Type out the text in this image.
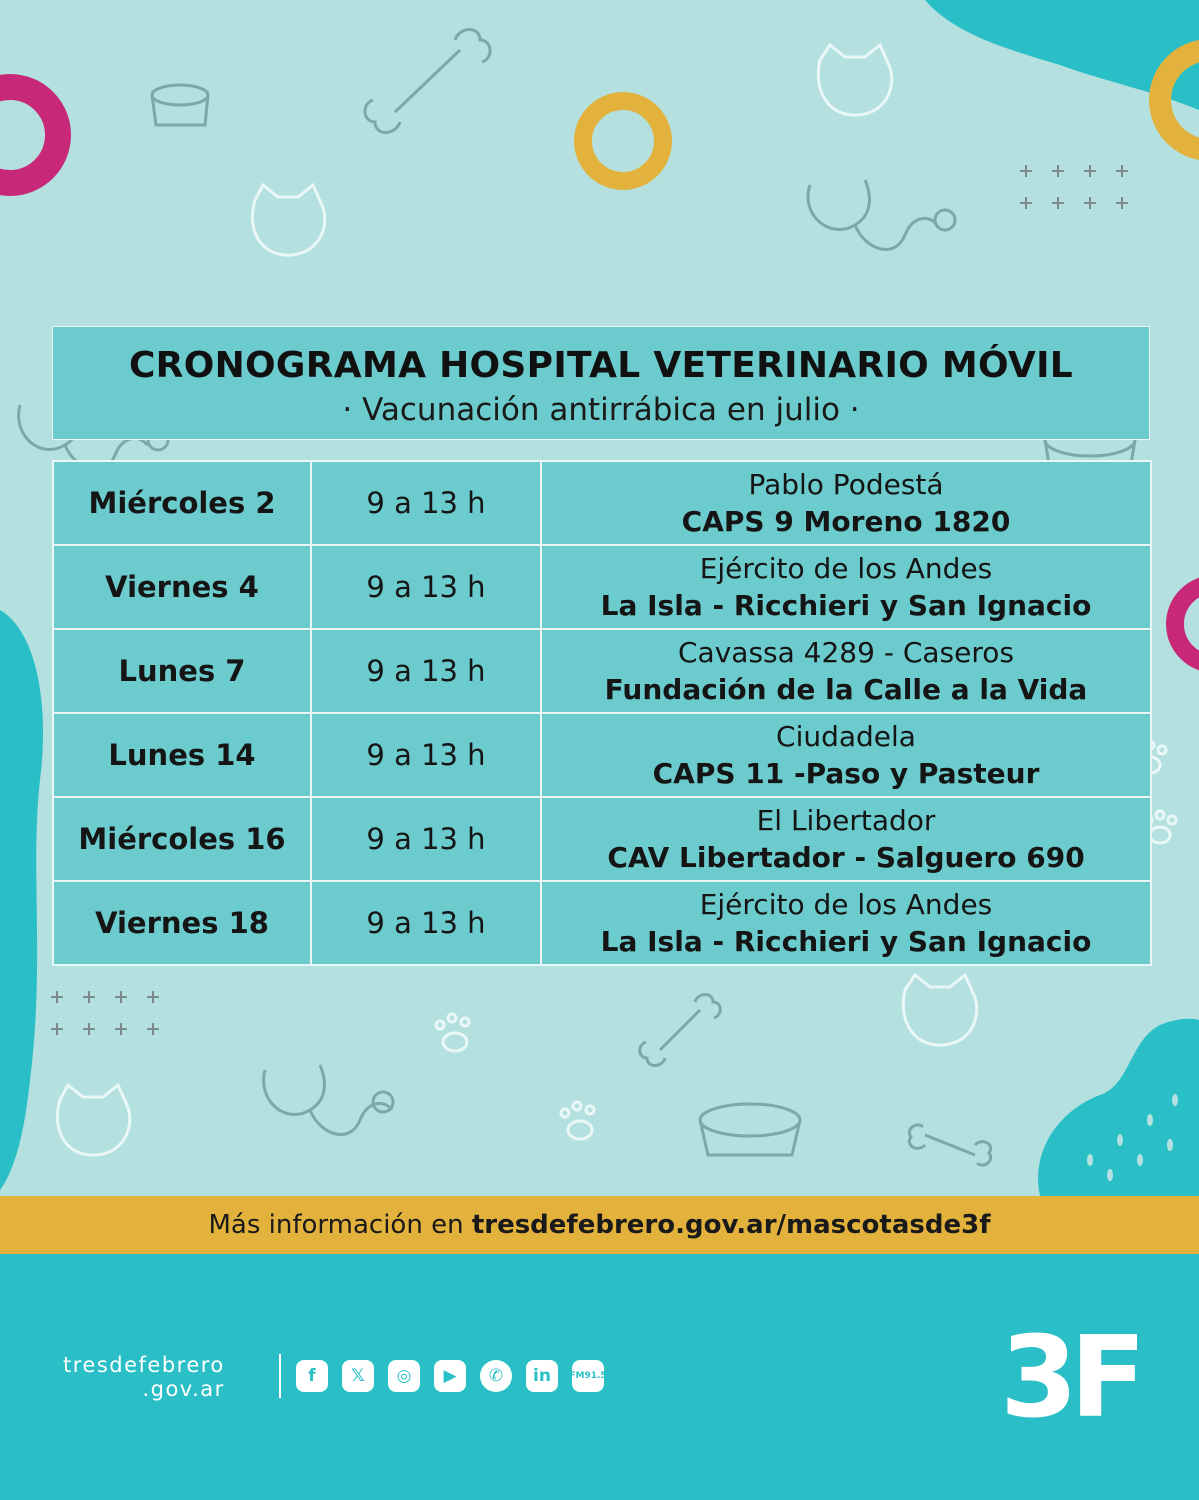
CRONOGRAMA HOSPITAL VETERINARIO MÓVIL
· Vacunación antirrábica en julio ·
Miércoles 2	9 a 13 h	Pablo Podestá
CAPS 9 Moreno 1820

Viernes 4	9 a 13 h	Ejército de los Andes
La Isla - Ricchieri y San Ignacio

Lunes 7	9 a 13 h	Cavassa 4289 - Caseros
Fundación de la Calle a la Vida

Lunes 14	9 a 13 h	Ciudadela
CAPS 11 -Paso y Pasteur

Miércoles 16	9 a 13 h	El Libertador
CAV Libertador - Salguero 690

Viernes 18	9 a 13 h	Ejército de los Andes
La Isla - Ricchieri y San Ignacio
Más información en tresdefebrero.gov.ar/mascotasde3f
tresdefebrero
.gov.ar
f	𝕏	◎	▶	✆	in	FM 91.5	3F
